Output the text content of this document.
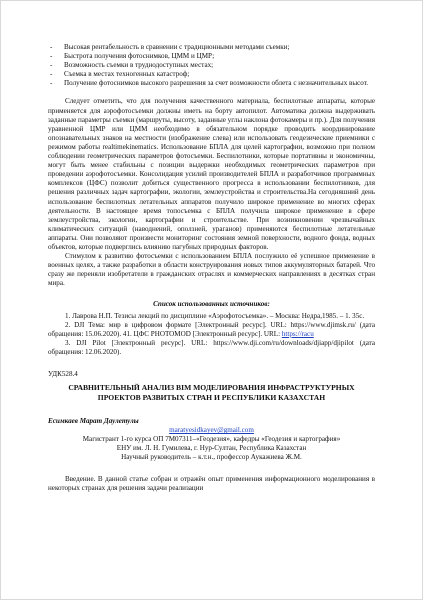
- Высокая рентабельность в сравнении с традиционными методами съемки;
- Быстрота получения фотоснимков, ЦММ и ЦМР;
- Возможность съемки в труднодоступных местах;
- Съемка в местах техногенных катастроф;
- Получение фотоснимков высокого разрешения за счет возможности облета с незначительных высот.

Следует отметить, что для получения качественного материала, беспилотные аппараты, которые применяется для аэрофотосъемки должны иметь на борту автопилот. Автоматика должна выдерживать заданные параметры съемки (маршруты, высоту, заданные углы наклона фотокамеры и пр.). Для получения уравненной ЦМР или ЦММ необходимо в обязательном порядке проводить координирование опознавательных знаков на местности (изображение слева) или использовать геодезические приемники с режимом работы realtimekinematics. Использование БПЛА для целей картографии, возможно при полном соблюдении геометрических параметров фотосъемки. Беспилотники, которые портативны и экономичны, могут быть менее стабильны с позиции выдержки необходимых геометрических параметров при проведении аэрофотосъемки. Консолидация усилий производителей БПЛА и разработчиков программных комплексов (ЦФС) позволит добиться существенного прогресса в использовании беспилотников, для решения различных задач картографии, экологии, землеустройства и строительства.На сегодняшний день использование беспилотных летательных аппаратов получило широкое применение во многих сферах деятельности. В настоящее время топосъемка с БПЛА получила широкое применение в сфере землеустройства, экологии, картографии и строительстве. При возникновении чрезвычайных климатических ситуаций (наводнений, оползней, ураганов) применяются беспилотные летательные аппараты. Они позволяют произвести мониторинг состояния земной поверхности, водного фонда, водных объектов, которые подверглись влиянию пагубных природных факторов.

Стимулом к развитию фотосъемки с использованием БПЛА послужило её успешное применение в военных целях, а также разработки в области конструирования новых типов аккумуляторных батарей. Что сразу же переняли изобретатели в гражданских отраслях и коммерческих направлениях в десятках стран мира.

Список использованных источников:

1. Лаврова Н.П. Тезисы лекций по дисциплине «Аэрофотосъемка». – Москва: Недра,1985. – 1. 35с.

2. DJI Тема: мир в цифровом формате [Электронный ресурс]. URL: https://www.djimsk.ru/ (дата обращения: 15.06.2020). 41. ЦФС PHOTOMOD [Электронный ресурс]. URL: https://racu

3. DJI Pilot [Электронный ресурс]. URL: https://www.dji.com/ru/downloads/djiapp/djipilot (дата обращения: 12.06.2020).

УДК528.4
СРАВНИТЕЛЬНЫЙ АНАЛИЗ BIM МОДЕЛИРОВАНИЯ ИНФРАСТРУКТУРНЫХ ПРОЕКТОВ РАЗВИТЫХ СТРАН И РЕСПУБЛИКИ КАЗАХСТАН
Есимкаев Марат Даулетулы
maratyesidkayev@gmail.com
Магистрант 1-го курса ОП 7M07311–«Геодезия», кафедры «Геодезия и картография»
ЕНУ им. Л. Н. Гумилева, г. Нур-Султан, Республика Казахстан
Научный руководитель – к.т.н., профессор Аукажиева Ж.М.

Введение. В данной статье собран и отражён опыт применения информационного моделирования в некоторых странах для решения задачи реализации
